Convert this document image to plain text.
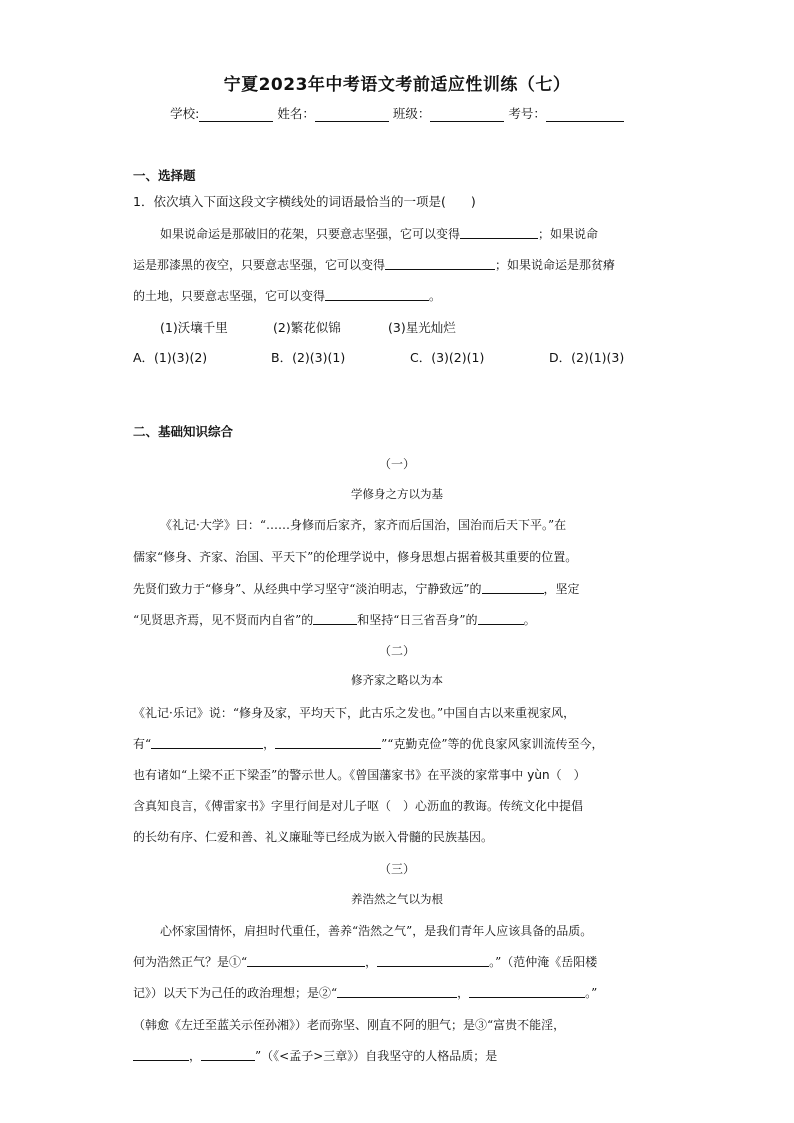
宁夏2023年中考语文考前适应性训练（七）
学校:	姓名：	班级：	考号：
一、选择题
1．依次填入下面这段文字横线处的词语最恰当的一项是(　　)
如果说命运是那破旧的花架，只要意志坚强，它可以变得	；如果说命
运是那漆黑的夜空，只要意志坚强，它可以变得	；如果说命运是那贫瘠
的土地，只要意志坚强，它可以变得	。
(1)沃壤千里	(2)繁花似锦	(3)星光灿烂
A．(1)(3)(2)	B．(2)(3)(1)	C．(3)(2)(1)	D．(2)(1)(3)
二、基础知识综合
（一）
学修身之方以为基
《礼记·大学》曰：“……身修而后家齐，家齐而后国治，国治而后天下平。”在
儒家“修身、齐家、治国、平天下”的伦理学说中，修身思想占据着极其重要的位置。
先贤们致力于“修身”、从经典中学习坚守“淡泊明志，宁静致远”的	，坚定
“见贤思齐焉，见不贤而内自省”的	和坚持“日三省吾身”的	。
（二）
修齐家之略以为本
《礼记·乐记》说：“修身及家，平均天下，此古乐之发也。”中国自古以来重视家风，
有“	，	”“克勤克俭”等的优良家风家训流传至今，
也有诸如“上梁不正下梁歪”的警示世人。《曾国藩家书》在平淡的家常事中 yùn（　）
含真知良言，《傅雷家书》字里行间是对儿子呕（　）心沥血的教诲。传统文化中提倡
的长幼有序、仁爱和善、礼义廉耻等已经成为嵌入骨髓的民族基因。
（三）
养浩然之气以为根
心怀家国情怀，肩担时代重任，善养“浩然之气”，是我们青年人应该具备的品质。
何为浩然正气？是①“	，	。”（范仲淹《岳阳楼
记》）以天下为己任的政治理想；是②“	，	。”
（韩愈《左迁至蓝关示侄孙湘》）老而弥坚、刚直不阿的胆气；是③“富贵不能淫，
，	”（《<孟子>三章》）自我坚守的人格品质；是
